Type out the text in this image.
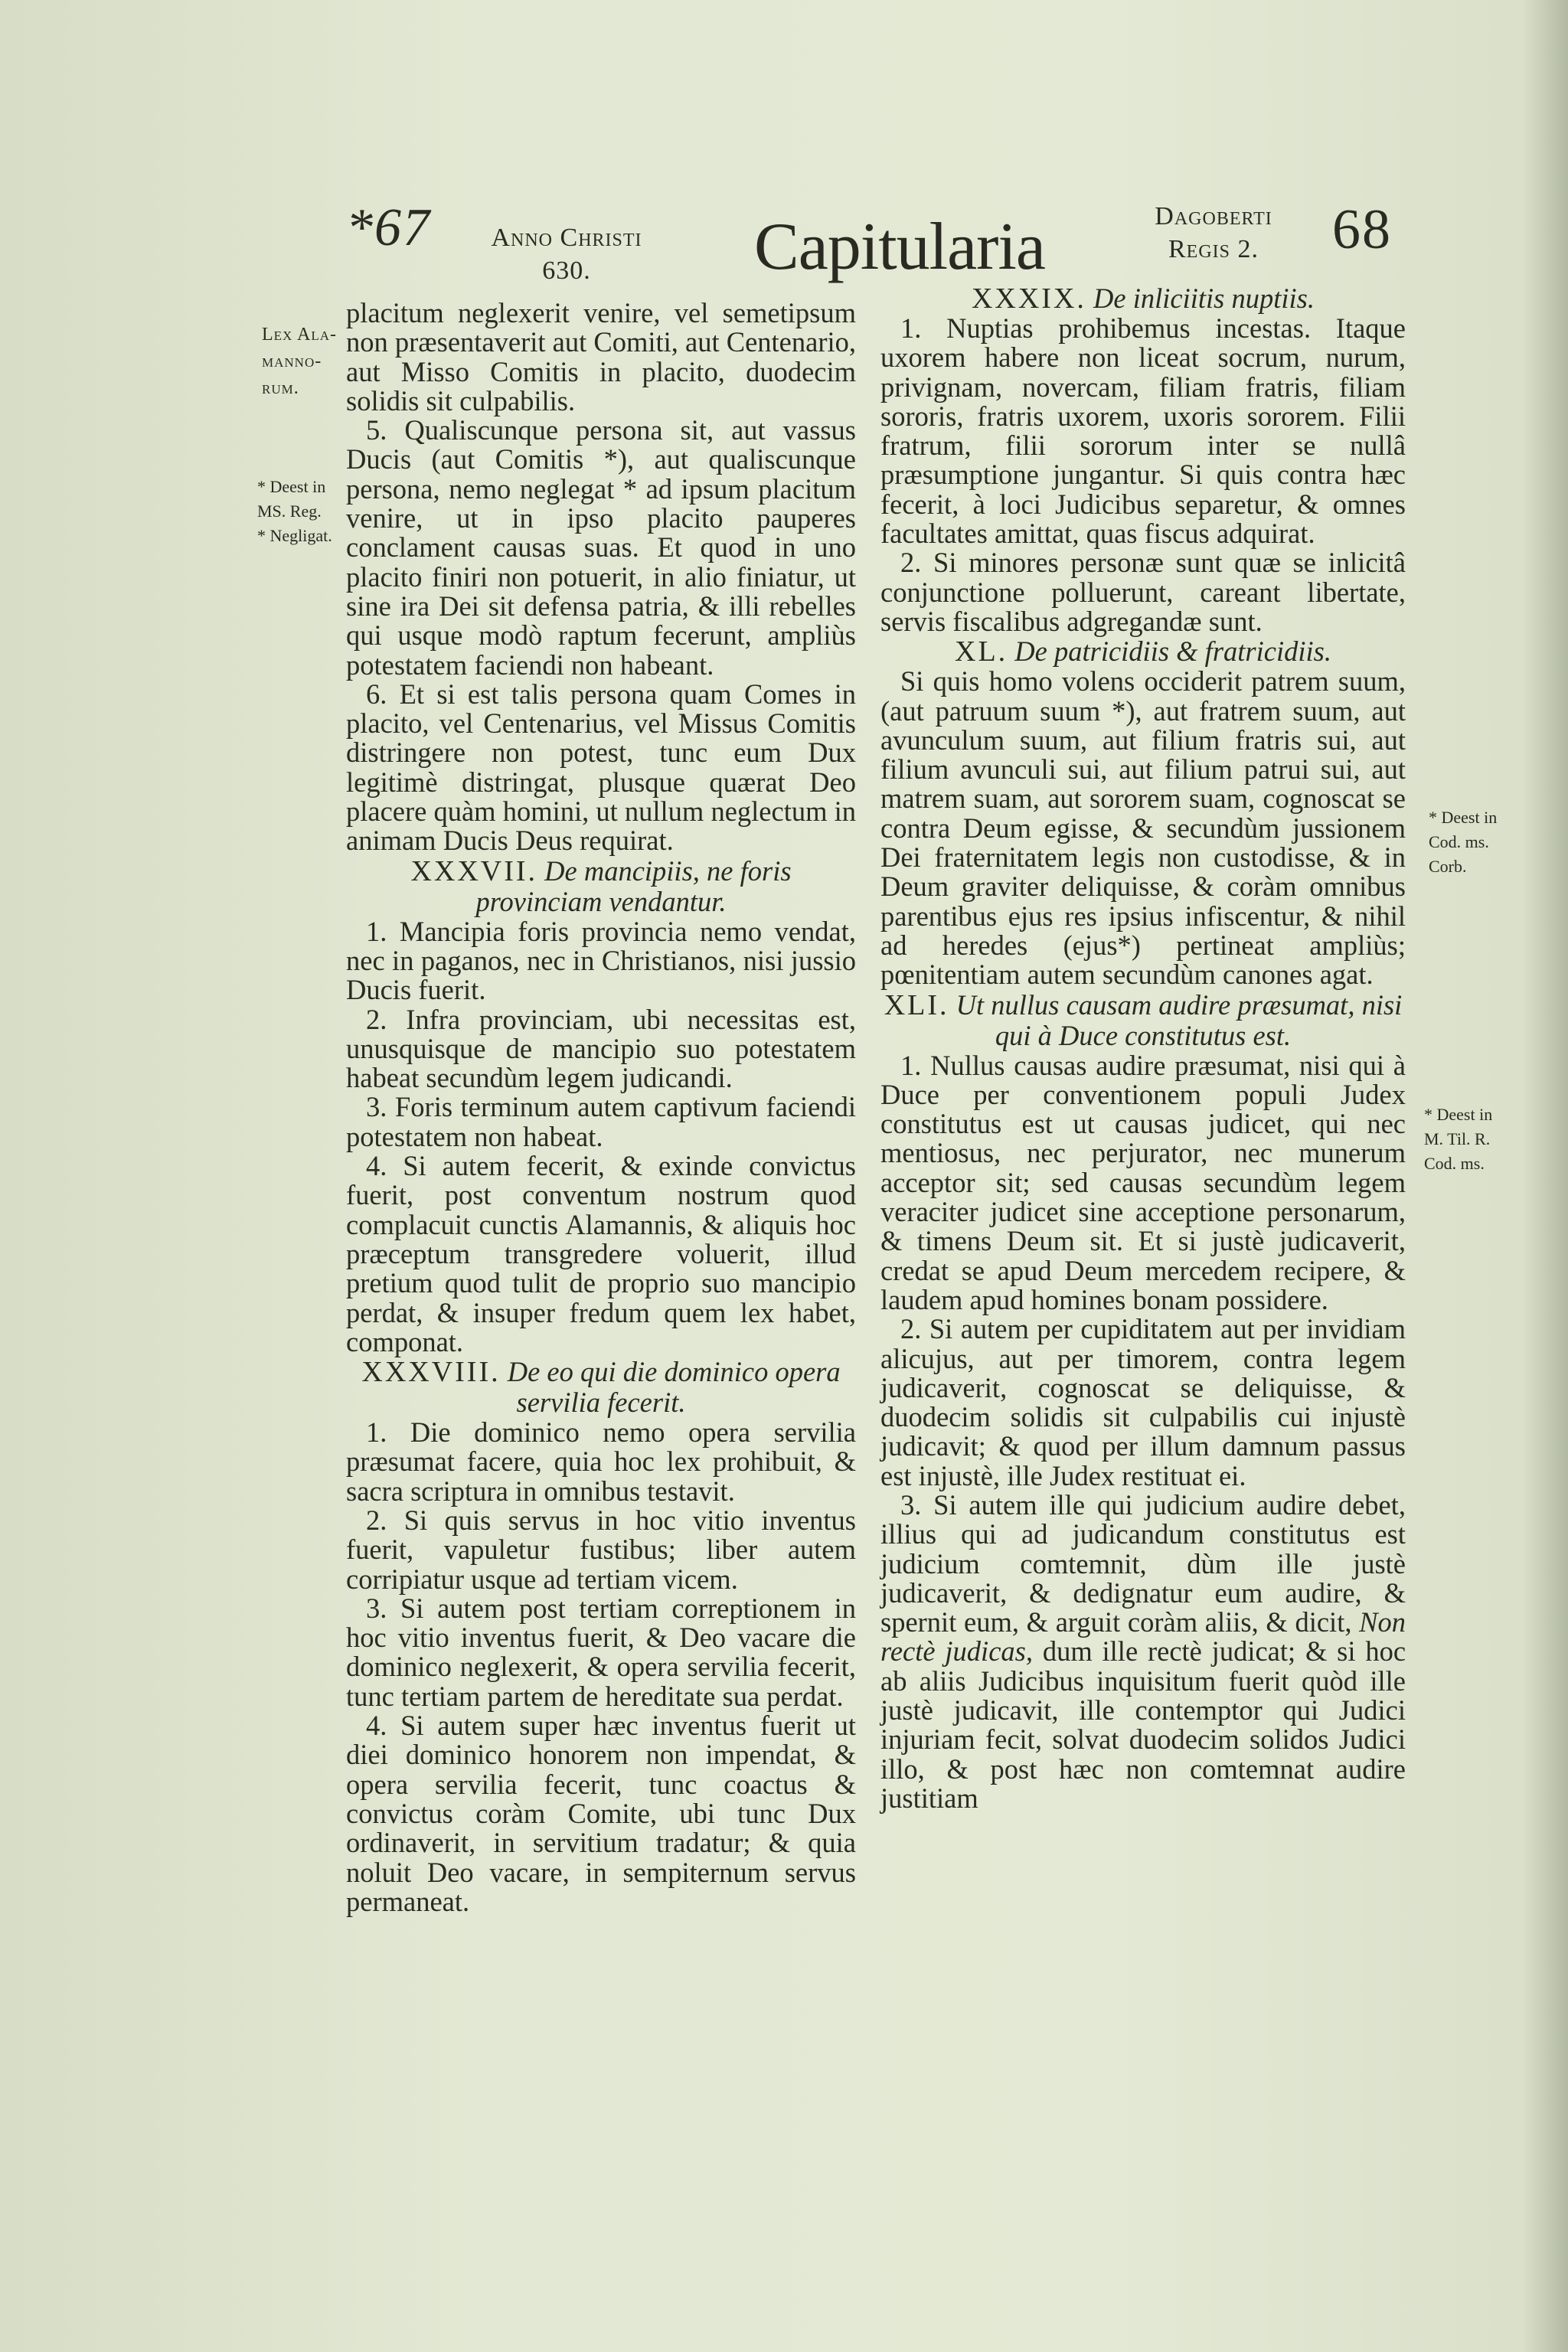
*67	Anno Christi
630.	Capitularia	Dagoberti
Regis 2.	68
Lex Ala-
manno-
rum.
* Deest in
MS. Reg.
* Negligat.
* Deest in
Cod. ms.
Corb.
* Deest in
M. Til. R.
Cod. ms.

placitum neglexerit venire, vel semetipsum non præsentaverit aut Comiti, aut Centenario, aut Misso Comitis in placito, duodecim solidis sit culpabilis.

5. Qualiscunque persona sit, aut vassus Ducis (aut Comitis *), aut qualiscunque persona, nemo neglegat * ad ipsum placitum venire, ut in ipso placito pauperes conclament causas suas. Et quod in uno placito finiri non potuerit, in alio finiatur, ut sine ira Dei sit defensa patria, & illi rebelles qui usque modò raptum fecerunt, ampliùs potestatem faciendi non habeant.

6. Et si est talis persona quam Comes in placito, vel Centenarius, vel Missus Comitis distringere non potest, tunc eum Dux legitimè distringat, plusque quærat Deo placere quàm homini, ut nullum neglectum in animam Ducis Deus requirat.

XXXVII. De mancipiis, ne foris provinciam vendantur.

1. Mancipia foris provincia nemo vendat, nec in paganos, nec in Christianos, nisi jussio Ducis fuerit.

2. Infra provinciam, ubi necessitas est, unusquisque de mancipio suo potestatem habeat secundùm legem judicandi.

3. Foris terminum autem captivum faciendi potestatem non habeat.

4. Si autem fecerit, & exinde convictus fuerit, post conventum nostrum quod complacuit cunctis Alamannis, & aliquis hoc præceptum transgredere voluerit, illud pretium quod tulit de proprio suo mancipio perdat, & insuper fredum quem lex habet, componat.

XXXVIII. De eo qui die dominico opera servilia fecerit.

1. Die dominico nemo opera servilia præsumat facere, quia hoc lex prohibuit, & sacra scriptura in omnibus testavit.

2. Si quis servus in hoc vitio inventus fuerit, vapuletur fustibus; liber autem corripiatur usque ad tertiam vicem.

3. Si autem post tertiam correptionem in hoc vitio inventus fuerit, & Deo vacare die dominico neglexerit, & opera servilia fecerit, tunc tertiam partem de hereditate sua perdat.

4. Si autem super hæc inventus fuerit ut diei dominico honorem non impendat, & opera servilia fecerit, tunc coactus & convictus coràm Comite, ubi tunc Dux ordinaverit, in servitium tradatur; & quia noluit Deo vacare, in sempiternum servus permaneat.

XXXIX. De inliciitis nuptiis.

1. Nuptias prohibemus incestas. Itaque uxorem habere non liceat socrum, nurum, privignam, novercam, filiam fratris, filiam sororis, fratris uxorem, uxoris sororem. Filii fratrum, filii sororum inter se nullâ præsumptione jungantur. Si quis contra hæc fecerit, à loci Judicibus separetur, & omnes facultates amittat, quas fiscus adquirat.

2. Si minores personæ sunt quæ se inlicitâ conjunctione polluerunt, careant libertate, servis fiscalibus adgregandæ sunt.

XL. De patricidiis & fratricidiis.

Si quis homo volens occiderit patrem suum, (aut patruum suum *), aut fratrem suum, aut avunculum suum, aut filium fratris sui, aut filium avunculi sui, aut filium patrui sui, aut matrem suam, aut sororem suam, cognoscat se contra Deum egisse, & secundùm jussionem Dei fraternitatem legis non custodisse, & in Deum graviter deliquisse, & coràm omnibus parentibus ejus res ipsius infiscentur, & nihil ad heredes (ejus*) pertineat ampliùs; pœnitentiam autem secundùm canones agat.

XLI. Ut nullus causam audire præsumat, nisi qui à Duce constitutus est.

1. Nullus causas audire præsumat, nisi qui à Duce per conventionem populi Judex constitutus est ut causas judicet, qui nec mentiosus, nec perjurator, nec munerum acceptor sit; sed causas secundùm legem veraciter judicet sine acceptione personarum, & timens Deum sit. Et si justè judicaverit, credat se apud Deum mercedem recipere, & laudem apud homines bonam possidere.

2. Si autem per cupiditatem aut per invidiam alicujus, aut per timorem, contra legem judicaverit, cognoscat se deliquisse, & duodecim solidis sit culpabilis cui injustè judicavit; & quod per illum damnum passus est injustè, ille Judex restituat ei.

3. Si autem ille qui judicium audire debet, illius qui ad judicandum constitutus est judicium comtemnit, dùm ille justè judicaverit, & dedignatur eum audire, & spernit eum, & arguit coràm aliis, & dicit, Non rectè judicas, dum ille rectè judicat; & si hoc ab aliis Judicibus inquisitum fuerit quòd ille justè judicavit, ille contemptor qui Judici injuriam fecit, solvat duodecim solidos Judici illo, & post hæc non comtemnat audire justitiam
